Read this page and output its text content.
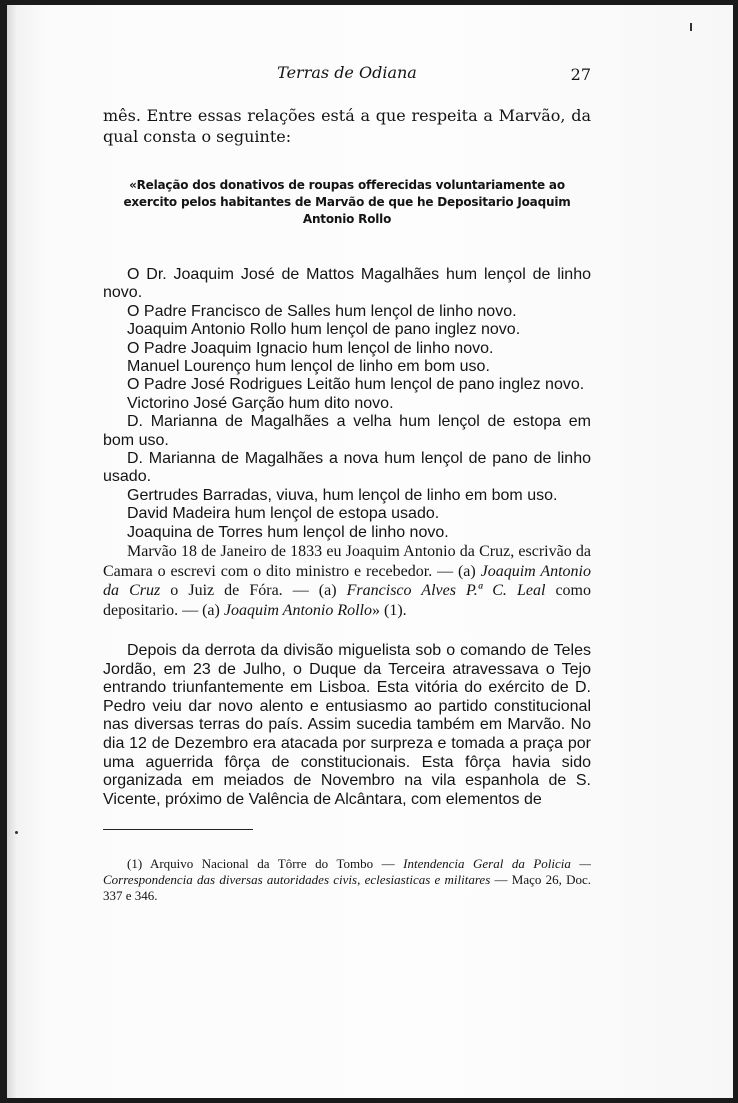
Terras de Odiana	27

mês. Entre essas relações está a que respeita a Marvão, da qual consta o seguinte:

«Relação dos donativos de roupas offerecidas voluntariamente ao exercito pelos habitantes de Marvão de que he Depositario Joaquim Antonio Rollo

O Dr. Joaquim José de Mattos Magalhães hum lençol de linho novo.

O Padre Francisco de Salles hum lençol de linho novo.

Joaquim Antonio Rollo hum lençol de pano inglez novo.

O Padre Joaquim Ignacio hum lençol de linho novo.

Manuel Lourenço hum lençol de linho em bom uso.

O Padre José Rodrigues Leitão hum lençol de pano inglez novo.

Victorino José Garção hum dito novo.

D. Marianna de Magalhães a velha hum lençol de estopa em bom uso.

D. Marianna de Magalhães a nova hum lençol de pano de linho usado.

Gertrudes Barradas, viuva, hum lençol de linho em bom uso.

David Madeira hum lençol de estopa usado.

Joaquina de Torres hum lençol de linho novo.

Marvão 18 de Janeiro de 1833 eu Joaquim Antonio da Cruz, escrivão da Camara o escrevi com o dito ministro e recebedor. — (a) Joaquim Antonio da Cruz o Juiz de Fóra. — (a) Francisco Alves P.ª C. Leal como depositario. — (a) Joaquim Antonio Rollo» (1).

Depois da derrota da divisão miguelista sob o comando de Teles Jordão, em 23 de Julho, o Duque da Terceira atravessava o Tejo entrando triunfantemente em Lisboa. Esta vitória do exército de D. Pedro veiu dar novo alento e entusiasmo ao partido constitucional nas diversas terras do país. Assim sucedia também em Marvão. No dia 12 de Dezembro era atacada por surpreza e tomada a praça por uma aguerrida fôrça de constitucionais. Esta fôrça havia sido organizada em meiados de Novembro na vila espanhola de S. Vicente, próximo de Valência de Alcântara, com elementos de

(1) Arquivo Nacional da Tôrre do Tombo — Intendencia Geral da Policia — Correspondencia das diversas autoridades civis, eclesiasticas e militares — Maço 26, Doc. 337 e 346.
